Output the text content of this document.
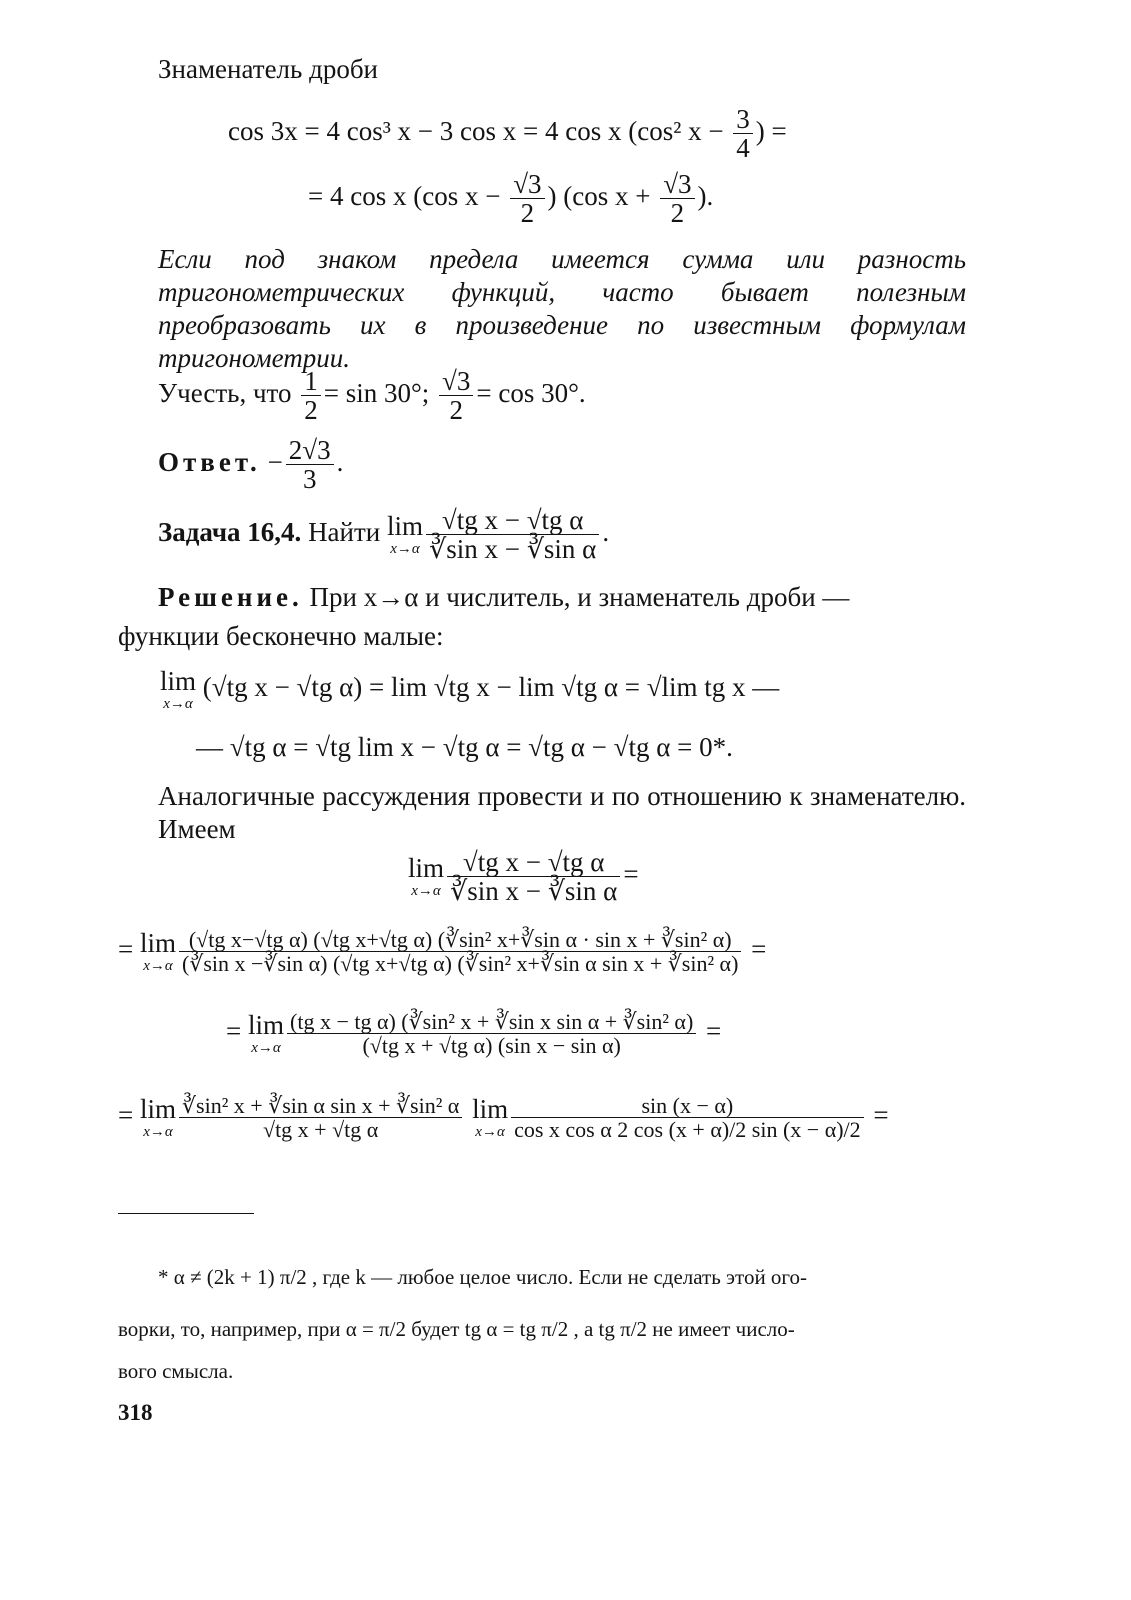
Знаменатель дроби
cos 3x = 4 cos³ x − 3 cos x = 4 cos x (cos² $x - \frac{3}{4}$ ) =
= 4 cos x (cos $x - \frac{√3}{2}$ ) (cos $x + \frac{√3}{2}$ ).
Если под знаком предела имеется сумма или разность тригонометрических функций, часто бывает полезным преобразовать их в произведение по известным формулам тригонометрии.
Учесть, что $\frac{1}{2} = \sin 30^\circ$; $\frac{√3}{2} = \cos 30^\circ$.
Ответ. − $\frac{2√3}{3}$ .
Задача 16,4. Найти lim
$x\to\alpha \frac{\text{√tg x − √tg α}}{\text{∛sin x − ∛sin α}}$ .
Решение. При x→α и числитель, и знаменатель дроби —
функции бесконечно малые:
lim
x→α
(√tg x − √tg α) = lim √tg x − lim √tg α = √lim tg x —
— √tg α = √tg lim x − √tg α = √tg α − √tg α = 0*.
Аналогичные рассуждения провести и по отношению к знаменателю. Имеем
lim
$x\to\alpha \frac{\text{√tg x − √tg α}}{\text{∛sin x − ∛sin α}}$ =
= lim
x→α
(√tg x−√tg α) (√tg x+√tg α) (∛sin² x+∛sin α · sin x + ∛sin² α)
(∛sin x −∛sin α) (√tg x+√tg α) (∛sin² x+∛sin α sin x + ∛sin² α) =
= lim
$x\to\alpha \frac{\text{(tg x − tg α) (∛sin² x + ∛sin x sin α + ∛sin² α)}}{\text{(√tg x + √tg α) (sin x − sin α)}}$ =
= lim
$x\to\alpha \frac{\text{∛sin² x + ∛sin α sin x + ∛sin² α}}{\text{√tg x + √tg α}}$ lim
$x\to\alpha \frac{\sin (x - \alpha)}{\text{cos x cos α 2 cos (x + α)/2 sin (x − α)/2}}$ =
* α ≠ (2k + 1) π/2 , где k — любое целое число. Если не сделать этой ого-
ворки, то, например, при α = π/2 будет tg α = tg π/2 , а tg π/2 не имеет число-
вого смысла.
318
